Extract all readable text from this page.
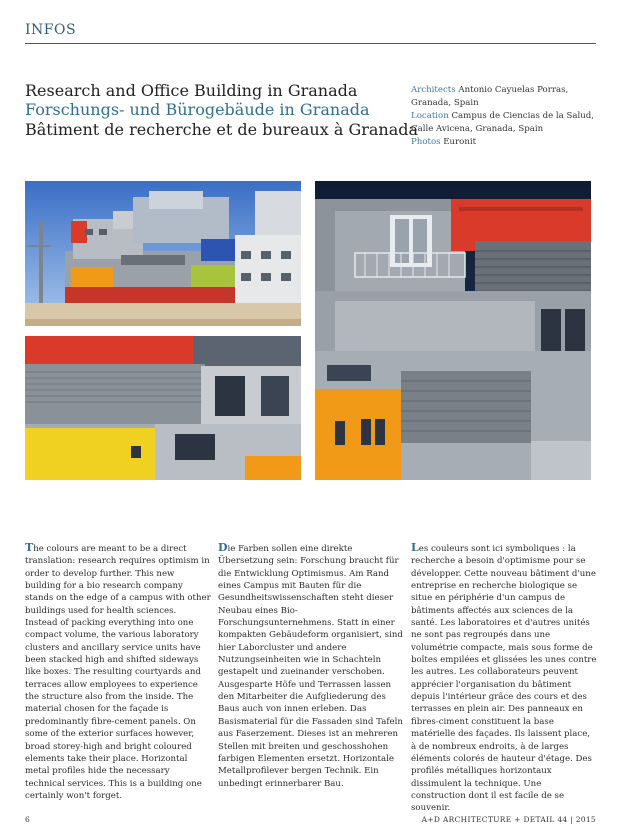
INFOS
Research and Office Building in Granada
Forschungs- und Bürogebäude in Granada
Bâtiment de recherche et de bureaux à Granada
Architects Antonio Cayuelas Porras, Granada, Spain
Location Campus de Ciencias de la Salud, Calle Avicena, Granada, Spain
Photos Euronit

The colours are meant to be a direct translation: research requires optimism in order to develop further. This new building for a bio research company stands on the edge of a campus with other buildings used for health sciences. Instead of packing everything into one compact volume, the various laboratory clusters and ancillary service units have been stacked high and shifted sideways like boxes. The resulting courtyards and terraces allow employees to experience the structure also from the inside. The material chosen for the façade is predominantly fibre-cement panels. On some of the exterior surfaces however, broad storey-high and bright coloured elements take their place. Horizontal metal profiles hide the necessary technical services. This is a building one certainly won't forget.

Die Farben sollen eine direkte Übersetzung sein: Forschung braucht für die Entwicklung Optimismus. Am Rand eines Campus mit Bauten für die Gesundheitswissenschaften steht dieser Neubau eines Bio-Forschungsunternehmens. Statt in einer kompakten Gebäudeform organisiert, sind hier Laborcluster und andere Nutzungseinheiten wie in Schachteln gestapelt und zueinander verschoben. Ausgesparte Höfe und Terrassen lassen den Mitarbeiter die Aufgliederung des Baus auch von innen erleben. Das Basismaterial für die Fassaden sind Tafeln aus Faserzement. Dieses ist an mehreren Stellen mit breiten und geschosshohen farbigen Elementen ersetzt. Horizontale Metallprofilever bergen Technik. Ein unbedingt erinnerbarer Bau.

Les couleurs sont ici symboliques : la recherche a besoin d'optimisme pour se développer. Cette nouveau bâtiment d'une entreprise en recherche biologique se situe en périphérie d'un campus de bâtiments affectés aux sciences de la santé. Les laboratoires et d'autres unités ne sont pas regroupés dans une volumétrie compacte, mais sous forme de boîtes empilées et glissées les unes contre les autres. Les collaborateurs peuvent apprécier l'organisation du bâtiment depuis l'intérieur grâce des cours et des terrasses en plein air. Des panneaux en fibres-ciment constituent la base matérielle des façades. Ils laissent place, à de nombreux endroits, à de larges éléments colorés de hauteur d'étage. Des profilés métalliques horizontaux dissimulent la technique. Une construction dont il est facile de se souvenir.

6	A+D ARCHITECTURE + DETAIL 44 | 2015
